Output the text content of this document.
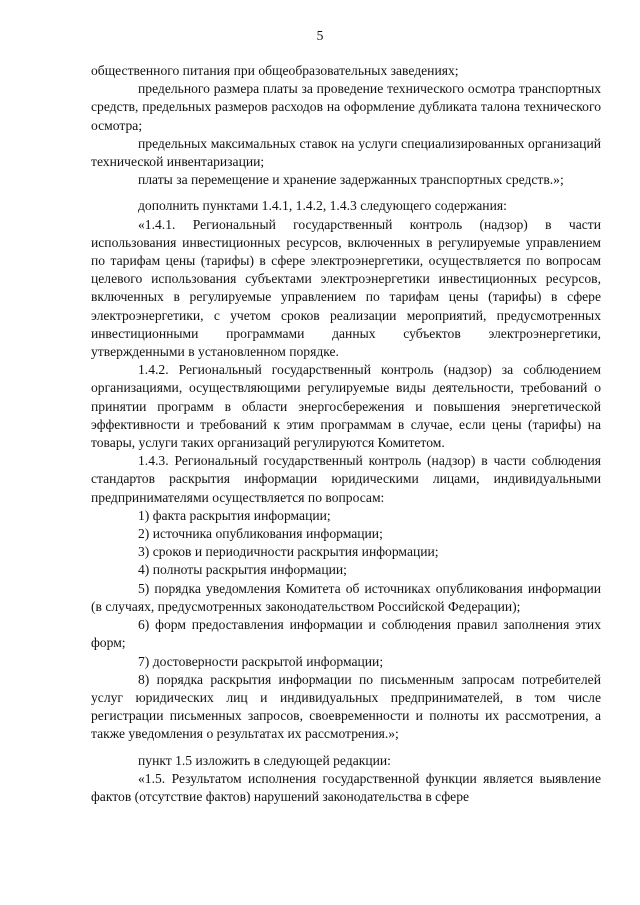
5

общественного питания при общеобразовательных заведениях;

предельного размера платы за проведение технического осмотра транспортных средств, предельных размеров расходов на оформление дубликата талона технического осмотра;

предельных максимальных ставок на услуги специализированных организаций технической инвентаризации;

платы за перемещение и хранение задержанных транспортных средств.»;

дополнить пунктами 1.4.1, 1.4.2, 1.4.3 следующего содержания:

«1.4.1. Региональный государственный контроль (надзор) в части использования инвестиционных ресурсов, включенных в регулируемые управлением по тарифам цены (тарифы) в сфере электроэнергетики, осуществляется по вопросам целевого использования субъектами электроэнергетики инвестиционных ресурсов, включенных в регулируемые управлением по тарифам цены (тарифы) в сфере электроэнергетики, с учетом сроков реализации мероприятий, предусмотренных инвестиционными программами данных субъектов электроэнергетики, утвержденными в установленном порядке.

1.4.2. Региональный государственный контроль (надзор) за соблюдением организациями, осуществляющими регулируемые виды деятельности, требований о принятии программ в области энергосбережения и повышения энергетической эффективности и требований к этим программам в случае, если цены (тарифы) на товары, услуги таких организаций регулируются Комитетом.

1.4.3. Региональный государственный контроль (надзор) в части соблюдения стандартов раскрытия информации юридическими лицами, индивидуальными предпринимателями осуществляется по вопросам:

1) факта раскрытия информации;

2) источника опубликования информации;

3) сроков и периодичности раскрытия информации;

4) полноты раскрытия информации;

5) порядка уведомления Комитета об источниках опубликования информации (в случаях, предусмотренных законодательством Российской Федерации);

6) форм предоставления информации и соблюдения правил заполнения этих форм;

7) достоверности раскрытой информации;

8) порядка раскрытия информации по письменным запросам потребителей услуг юридических лиц и индивидуальных предпринимателей, в том числе регистрации письменных запросов, своевременности и полноты их рассмотрения, а также уведомления о результатах их рассмотрения.»;

пункт 1.5 изложить в следующей редакции:

«1.5. Результатом исполнения государственной функции является выявление фактов (отсутствие фактов) нарушений законодательства в сфере
